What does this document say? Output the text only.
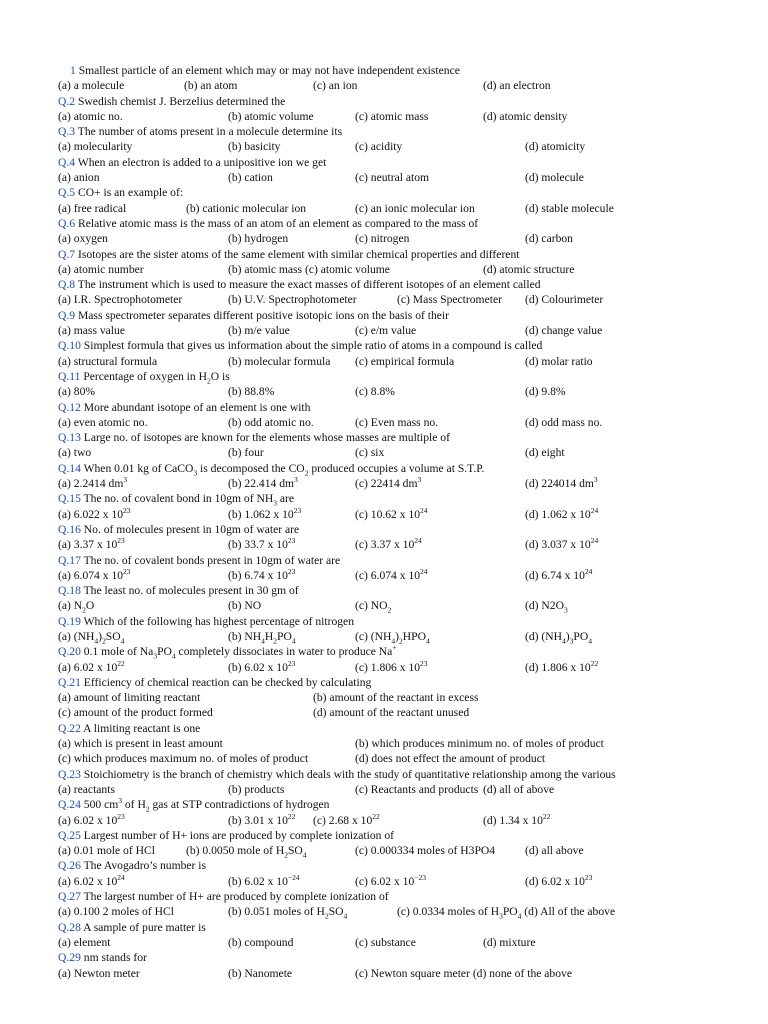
1 Smallest particle of an element which may or may not have independent existence
(a) a molecule	(b) an atom	(c) an ion	(d) an electron
Q.2 Swedish chemist J. Berzelius determined the
(a) atomic no.	(b) atomic volume	(c) atomic mass	(d) atomic density
Q.3 The number of atoms present in a molecule determine its
(a) molecularity	(b) basicity	(c) acidity	(d) atomicity
Q.4 When an electron is added to a unipositive ion we get
(a) anion	(b) cation	(c) neutral atom	(d) molecule
Q.5 CO+ is an example of:
(a) free radical	(b) cationic molecular ion	(c) an ionic molecular ion	(d) stable molecule
Q.6 Relative atomic mass is the mass of an atom of an element as compared to the mass of
(a) oxygen	(b) hydrogen	(c) nitrogen	(d) carbon
Q.7 Isotopes are the sister atoms of the same element with similar chemical properties and different
(a) atomic number	(b) atomic mass (c) atomic volume	(d) atomic structure
Q.8 The instrument which is used to measure the exact masses of different isotopes of an element called
(a) I.R. Spectrophotometer	(b) U.V. Spectrophotometer	(c) Mass Spectrometer (d) Colourimeter
Q.9 Mass spectrometer separates different positive isotopic ions on the basis of their
(a) mass value	(b) m/e value	(c) e/m value	(d) change value
Q.10 Simplest formula that gives us information about the simple ratio of atoms in a compound is called
(a) structural formula	(b) molecular formula (c) empirical formula	(d) molar ratio
Q.11 Percentage of oxygen in $H_2O$ is
(a) 80%	(b) 88.8%	(c) 8.8%	(d) 9.8%
Q.12 More abundant isotope of an element is one with
(a) even atomic no.	(b) odd atomic no.	(c) Even mass no.	(d) odd mass no.
Q.13 Large no. of isotopes are known for the elements whose masses are multiple of
(a) two	(b) four	(c) six	(d) eight
Q.14 When 0.01 kg of CaCO$_3$ is decomposed the $CO_2$ produced occupies a volume at S.T.P.
(a) 2.2414 $dm^3$	(b) 22.414 $dm^3$	(c) 22414 $dm^3$	(d) 224014 $dm^3$
Q.15 The no. of covalent bond in 10gm of $NH_3$ are
(a) 6.022 x $10^{23}$	(b) 1.062 x $10^{23}$	(c) 10.62 x $10^{24}$	(d) 1.062 x $10^{24}$
Q.16 No. of molecules present in 10gm of water are
(a) 3.37 x $10^{23}$	(b) 33.7 x $10^{23}$	(c) 3.37 x $10^{24}$	(d) 3.037 x $10^{24}$
Q.17 The no. of covalent bonds present in 10gm of water are
(a) 6.074 x $10^{23}$	(b) 6.74 x $10^{23}$	(c) 6.074 x $10^{24}$	(d) 6.74 x $10^{24}$
Q.18 The least no. of molecules present in 30 gm of
(a) $N_2O$	(b) NO	(c) $NO_2$	(d) $N2O_3$
Q.19 Which of the following has highest percentage of nitrogen
(a) $(NH_4)_2SO_4$	(b) $NH_4H_2PO_4$	(c) $(NH_4)_2HPO_4$	(d) $(NH_4)_3PO_4$
Q.20 0.1 mole of $Na_3PO_4$ completely dissociates in water to produce Na+
(a) 6.02 x $10^{22}$	(b) 6.02 x $10^{23}$	(c) 1.806 x $10^{23}$	(d) 1.806 x $10^{22}$
Q.21 Efficiency of chemical reaction can be checked by calculating
(a) amount of limiting reactant	(b) amount of the reactant in excess
(c) amount of the product formed	(d) amount of the reactant unused
Q.22 A limiting reactant is one
(a) which is present in least amount	(b) which produces minimum no. of moles of product
(c) which produces maximum no. of moles of product	(d) does not effect the amount of product
Q.23 Stoichiometry is the branch of chemistry which deals with the study of quantitative relationship among the various
(a) reactants	(b) products	(c) Reactants and products (d) all of above
Q.24 500 $cm^3$ of $H_2$ gas at STP contradictions of hydrogen
(a) 6.02 x $10^{23}$	(b) 3.01 x $10^{22}$ (c) 2.68 x $10^{22}$	(d) 1.34 x $10^{22}$
Q.25 Largest number of H+ ions are produced by complete ionization of
(a) 0.01 mole of HCl	(b) 0.0050 mole of $H_2SO_4$	(c) 0.000334 moles of H3PO4	(d) all above
Q.26 The Avogadro’s number is
(a) 6.02 x $10^{24}$	(b) 6.02 x $10^{-24}$	(c) 6.02 x $10^{-23}$	(d) 6.02 x $10^{23}$
Q.27 The largest number of H+ are produced by complete ionization of
(a) 0.100 2 moles of HCl	(b) 0.051 moles of $H_2SO_4$	(c) 0.0334 moles of $H_3PO_4$ (d) All of the above
Q.28 A sample of pure matter is
(a) element	(b) compound	(c) substance	(d) mixture
Q.29 nm stands for
(a) Newton meter	(b) Nanomete	(c) Newton square meter (d) none of the above
